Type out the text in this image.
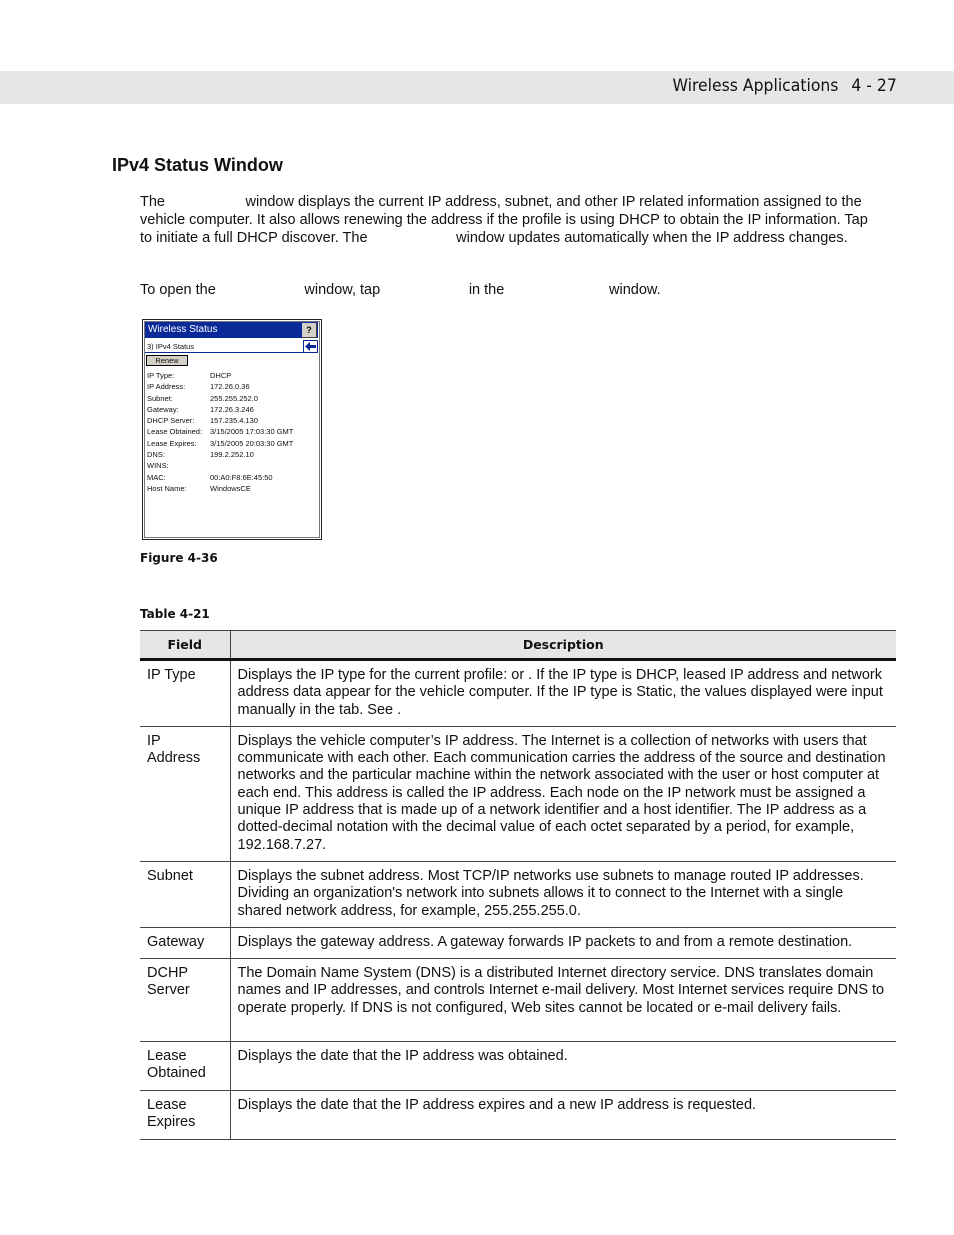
Wireless Applications 4 - 27
IPv4 Status Window

The                    window displays the current IP address, subnet, and other IP related information assigned to the vehicle computer. It also allows renewing the address if the profile is using DHCP to obtain the IP information. Tap             to initiate a full DHCP discover. The                      window updates automatically when the IP address changes.

To open the                      window, tap                      in the                          window.

Wireless Status	?
3) IPv4 Status
Renew
IP Type:	DHCP
IP Address:	172.26.0.36
Subnet:	255.255.252.0
Gateway:	172.26.3.246
DHCP Server:	157.235.4.130
Lease Obtained:	3/15/2005 17:03:30 GMT
Lease Expires:	3/15/2005 20:03:30 GMT
DNS:	199.2.252.10
WINS:
MAC:	00:A0:F8:6E:45:50
Host Name:	WindowsCE

Figure 4-36

Table 4-21

Field	Description
IP Type	Displays the IP type for the current profile: or . If the IP type is DHCP, leased IP address and network address data appear for the vehicle computer. If the IP type is Static, the values displayed were input manually in the tab. See .
IP
Address	Displays the vehicle computer’s IP address. The Internet is a collection of networks with users that communicate with each other. Each communication carries the address of the source and destination networks and the particular machine within the network associated with the user or host computer at each end. This address is called the IP address. Each node on the IP network must be assigned a unique IP address that is made up of a network identifier and a host identifier. The IP address as a dotted-decimal notation with the decimal value of each octet separated by a period, for example, 192.168.7.27.
Subnet	Displays the subnet address. Most TCP/IP networks use subnets to manage routed IP addresses. Dividing an organization's network into subnets allows it to connect to the Internet with a single shared network address, for example, 255.255.255.0.
Gateway	Displays the gateway address. A gateway forwards IP packets to and from a remote destination.
DCHP
Server	The Domain Name System (DNS) is a distributed Internet directory service. DNS translates domain names and IP addresses, and controls Internet e-mail delivery. Most Internet services require DNS to operate properly. If DNS is not configured, Web sites cannot be located or e-mail delivery fails.
Lease
Obtained	Displays the date that the IP address was obtained.
Lease
Expires	Displays the date that the IP address expires and a new IP address is requested.
